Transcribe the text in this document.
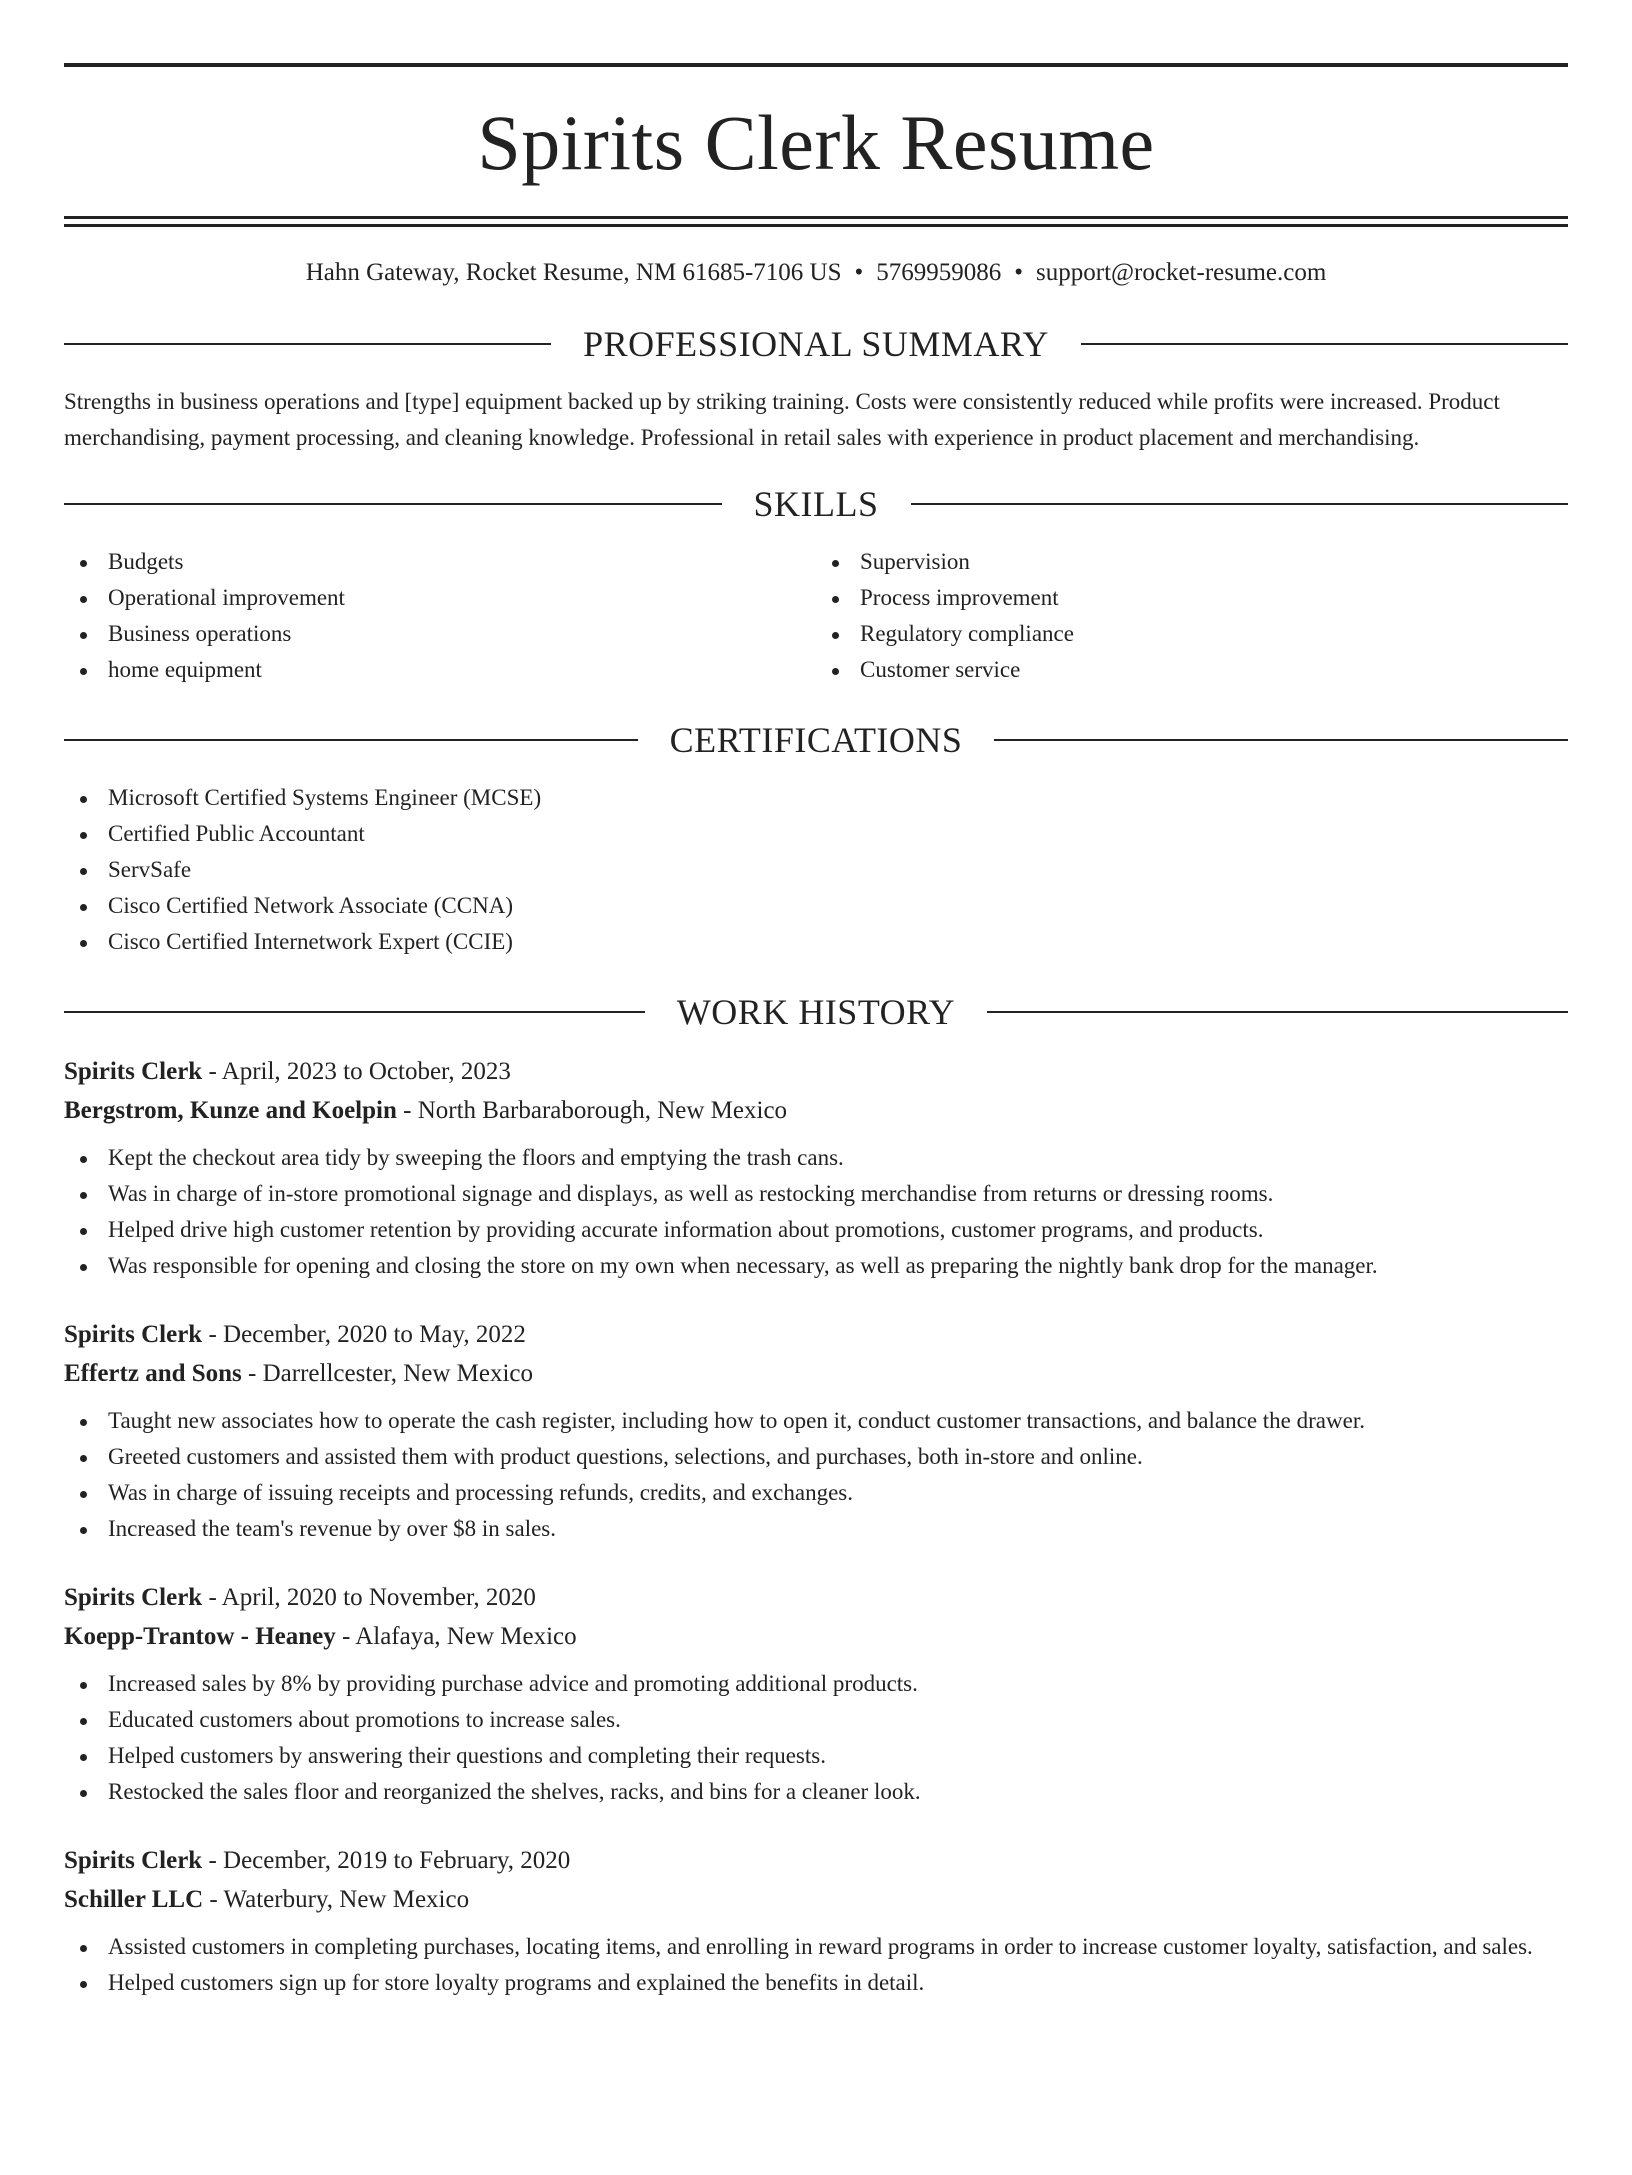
Spirits Clerk Resume
Hahn Gateway, Rocket Resume, NM 61685-7106 US • 5769959086 • support@rocket-resume.com
PROFESSIONAL SUMMARY

Strengths in business operations and [type] equipment backed up by striking training. Costs were consistently reduced while profits were increased. Product merchandising, payment processing, and cleaning knowledge. Professional in retail sales with experience in product placement and merchandising.

SKILLS
Budgets
Operational improvement
Business operations
home equipment
Supervision
Process improvement
Regulatory compliance
Customer service
CERTIFICATIONS
Microsoft Certified Systems Engineer (MCSE)
Certified Public Accountant
ServSafe
Cisco Certified Network Associate (CCNA)
Cisco Certified Internetwork Expert (CCIE)
WORK HISTORY
Spirits Clerk - April, 2023 to October, 2023
Bergstrom, Kunze and Koelpin - North Barbaraborough, New Mexico
Kept the checkout area tidy by sweeping the floors and emptying the trash cans.
Was in charge of in-store promotional signage and displays, as well as restocking merchandise from returns or dressing rooms.
Helped drive high customer retention by providing accurate information about promotions, customer programs, and products.
Was responsible for opening and closing the store on my own when necessary, as well as preparing the nightly bank drop for the manager.
Spirits Clerk - December, 2020 to May, 2022
Effertz and Sons - Darrellcester, New Mexico
Taught new associates how to operate the cash register, including how to open it, conduct customer transactions, and balance the drawer.
Greeted customers and assisted them with product questions, selections, and purchases, both in-store and online.
Was in charge of issuing receipts and processing refunds, credits, and exchanges.
Increased the team's revenue by over $8 in sales.
Spirits Clerk - April, 2020 to November, 2020
Koepp-Trantow - Heaney - Alafaya, New Mexico
Increased sales by 8% by providing purchase advice and promoting additional products.
Educated customers about promotions to increase sales.
Helped customers by answering their questions and completing their requests.
Restocked the sales floor and reorganized the shelves, racks, and bins for a cleaner look.
Spirits Clerk - December, 2019 to February, 2020
Schiller LLC - Waterbury, New Mexico
Assisted customers in completing purchases, locating items, and enrolling in reward programs in order to increase customer loyalty, satisfaction, and sales.
Helped customers sign up for store loyalty programs and explained the benefits in detail.
